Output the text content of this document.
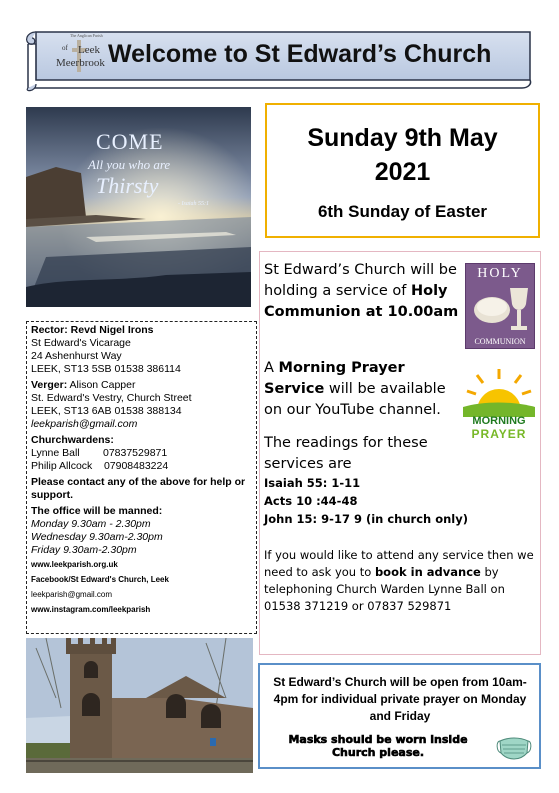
The Anglican Parish
of Leek
Meerbrook Welcome to St Edward’s Church
COME
All you who are
Thirsty
- Isaiah 55:1
Sunday 9th May
2021
6th Sunday of Easter
St Edward’s Church will be holding a service of Holy Communion at 10.00am
A Morning Prayer Service will be available on our YouTube channel.
The readings for these services are
Isaiah 55: 1-11
Acts 10 :44-48
John 15: 9-17 9 (in church only)
If you would like to attend any service then we need to ask you to book in advance by telephoning Church Warden Lynne Ball on 01538 371219 or 07837 529871
HOLY
COMMUNION
MORNING
PRAYER
Rector: Revd Nigel Irons
St Edward's Vicarage
24 Ashenhurst Way
LEEK, ST13 5SB 01538 386114
Verger: Alison Capper
St. Edward's Vestry, Church Street
LEEK, ST13 6AB 01538 388134
leekparish@gmail.com
Churchwardens:
Lynne Ball        07837529871
Philip Allcock    07908483224
Please contact any of the above for help or support.
The office will be manned:
Monday 9.30am - 2.30pm
Wednesday 9.30am-2.30pm
Friday 9.30am-2.30pm
www.leekparish.org.uk
Facebook/St Edward's Church, Leek
leekparish@gmail.com
www.instagram.com/leekparish
St Edward’s Church will be open from 10am-4pm for individual private prayer on Monday and Friday
Masks should be worn inside Church please.
